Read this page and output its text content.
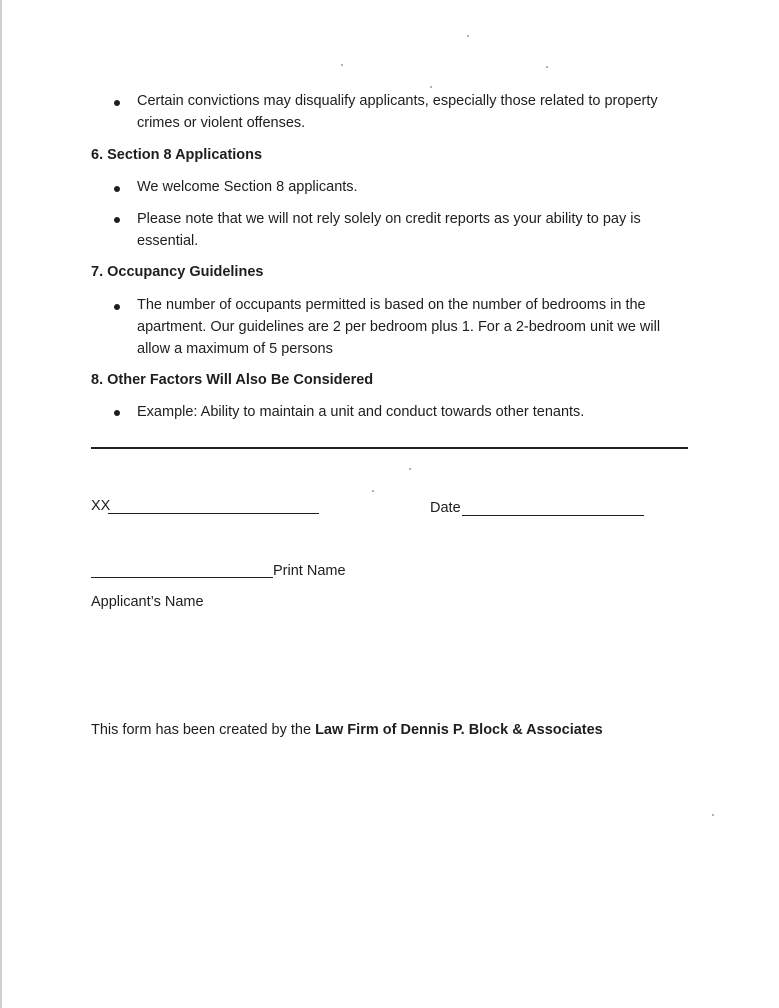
Certain convictions may disqualify applicants, especially those related to property crimes or violent offenses.
6. Section 8 Applications
We welcome Section 8 applicants.
Please note that we will not rely solely on credit reports as your ability to pay is essential.
7. Occupancy Guidelines
The number of occupants permitted is based on the number of bedrooms in the apartment. Our guidelines are 2 per bedroom plus 1. For a 2-bedroom unit we will allow a maximum of 5 persons
8. Other Factors Will Also Be Considered
Example: Ability to maintain a unit and conduct towards other tenants.
XX	Date
Print Name
Applicant’s Name
This form has been created by the Law Firm of Dennis P. Block & Associates
